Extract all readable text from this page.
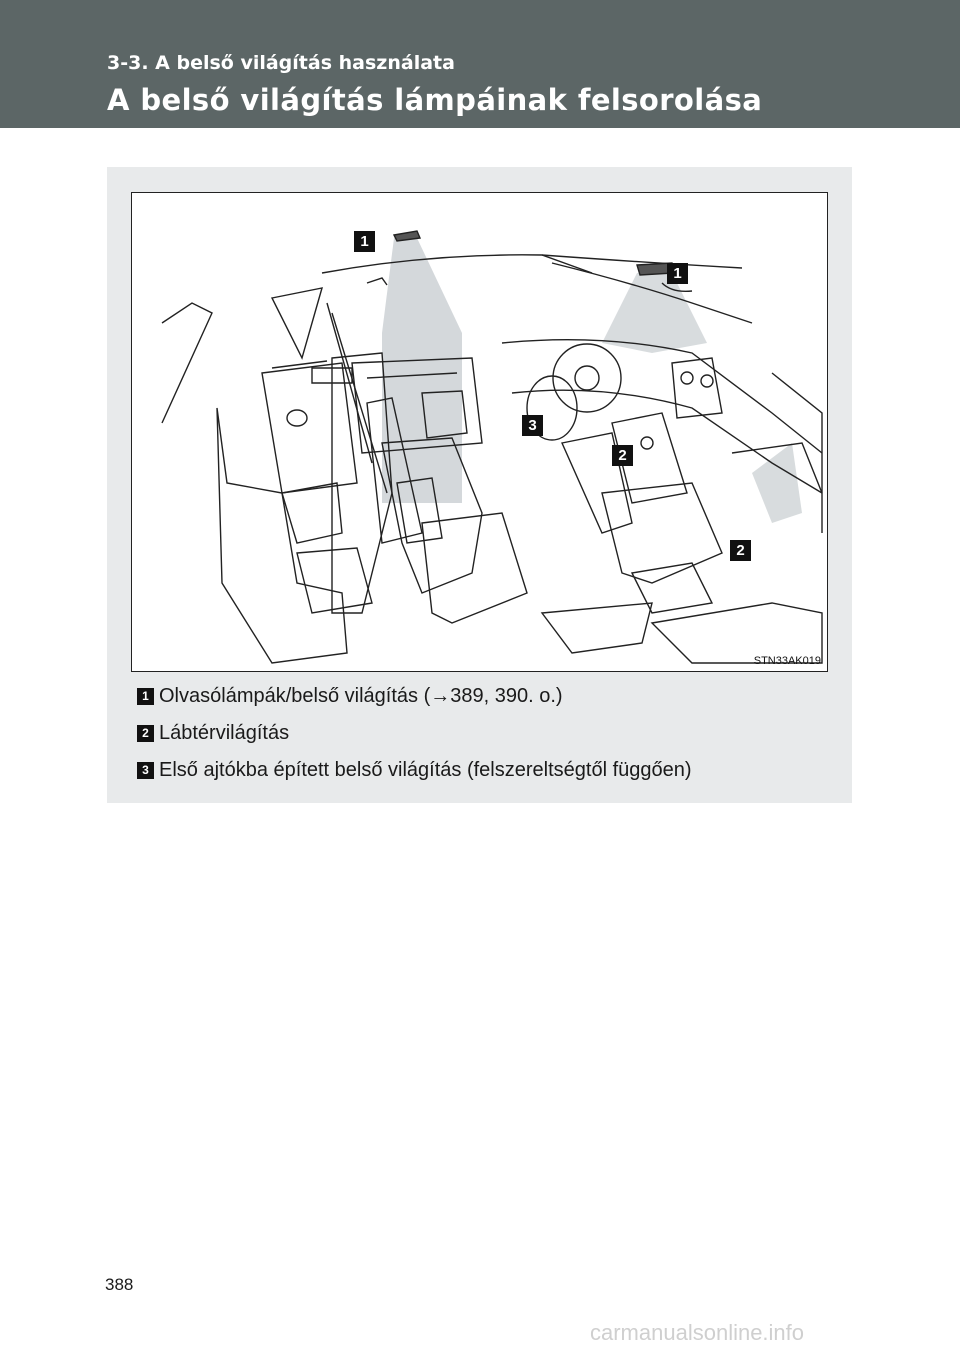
3-3. A belső világítás használata
A belső világítás lámpáinak felsorolása
1
1
3
2
2
STN33AK019
1 Olvasólámpák/belső világítás (→389, 390. o.)
2 Lábtérvilágítás
3 Első ajtókba épített belső világítás (felszereltségtől függően)
388
carmanualsonline.info
